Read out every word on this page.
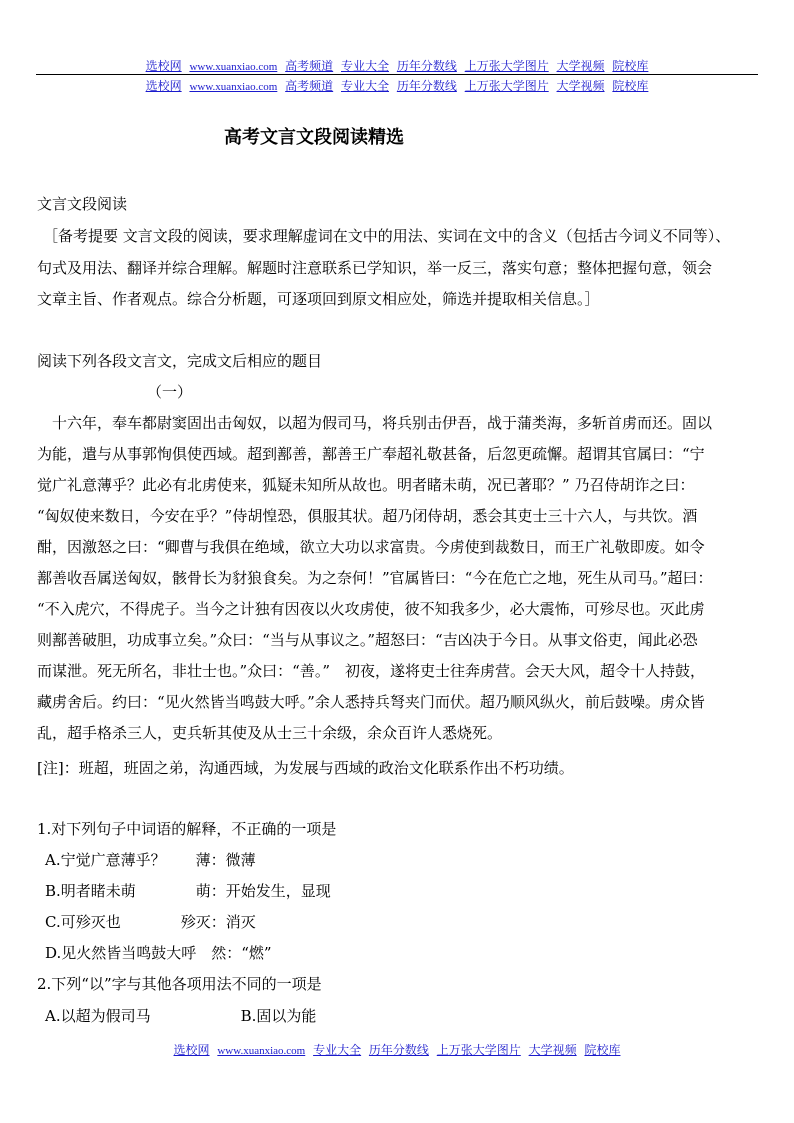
选校网 www.xuanxiao.com 高考频道 专业大全 历年分数线 上万张大学图片 大学视频 院校库
选校网 www.xuanxiao.com 高考频道 专业大全 历年分数线 上万张大学图片 大学视频 院校库
高考文言文段阅读精选
文言文段阅读
［备考提要 文言文段的阅读，要求理解虚词在文中的用法、实词在文中的含义（包括古今词义不同等）、
句式及用法、翻译并综合理解。解题时注意联系已学知识，举一反三，落实句意；整体把握句意，领会
文章主旨、作者观点。综合分析题，可逐项回到原文相应处，筛选并提取相关信息。］
阅读下列各段文言文，完成文后相应的题目
（一）
　十六年，奉车都尉窦固出击匈奴，以超为假司马，将兵别击伊吾，战于蒲类海，多斩首虏而还。固以
为能，遣与从事郭恂俱使西域。超到鄯善，鄯善王广奉超礼敬甚备，后忽更疏懈。超谓其官属曰：“宁
觉广礼意薄乎？此必有北虏使来，狐疑未知所从故也。明者睹未萌，况已著耶？” 乃召侍胡诈之曰：
“匈奴使来数日，今安在乎？”侍胡惶恐，俱服其状。超乃闭侍胡，悉会其吏士三十六人，与共饮。酒
酣，因激怒之曰：“卿曹与我俱在绝域，欲立大功以求富贵。今虏使到裁数日，而王广礼敬即废。如令
鄯善收吾属送匈奴，骸骨长为豺狼食矣。为之奈何！”官属皆曰：“今在危亡之地，死生从司马。”超曰：
“不入虎穴，不得虎子。当今之计独有因夜以火攻虏使，彼不知我多少，必大震怖，可殄尽也。灭此虏
则鄯善破胆，功成事立矣。”众曰：“当与从事议之。”超怒曰：“吉凶决于今日。从事文俗吏，闻此必恐
而谋泄。死无所名，非壮士也。”众曰：“善。”　初夜，遂将吏士往奔虏营。会天大风，超令十人持鼓，
藏虏舍后。约曰：“见火然皆当鸣鼓大呼。”余人悉持兵弩夹门而伏。超乃顺风纵火，前后鼓噪。虏众皆
乱，超手格杀三人，吏兵斩其使及从士三十余级，余众百许人悉烧死。
[注]：班超，班固之弟，沟通西域，为发展与西域的政治文化联系作出不朽功绩。
1.对下列句子中词语的解释，不正确的一项是
A.宁觉广意薄乎？　　薄：微薄
B.明者睹未萌　　　　萌：开始发生，显现
C.可殄灭也　　　　殄灭：消灭
D.见火然皆当鸣鼓大呼　然：“燃”
2.下列“以”字与其他各项用法不同的一项是
A.以超为假司马　　　　　　B.固以为能
选校网 www.xuanxiao.com 专业大全 历年分数线 上万张大学图片 大学视频 院校库
